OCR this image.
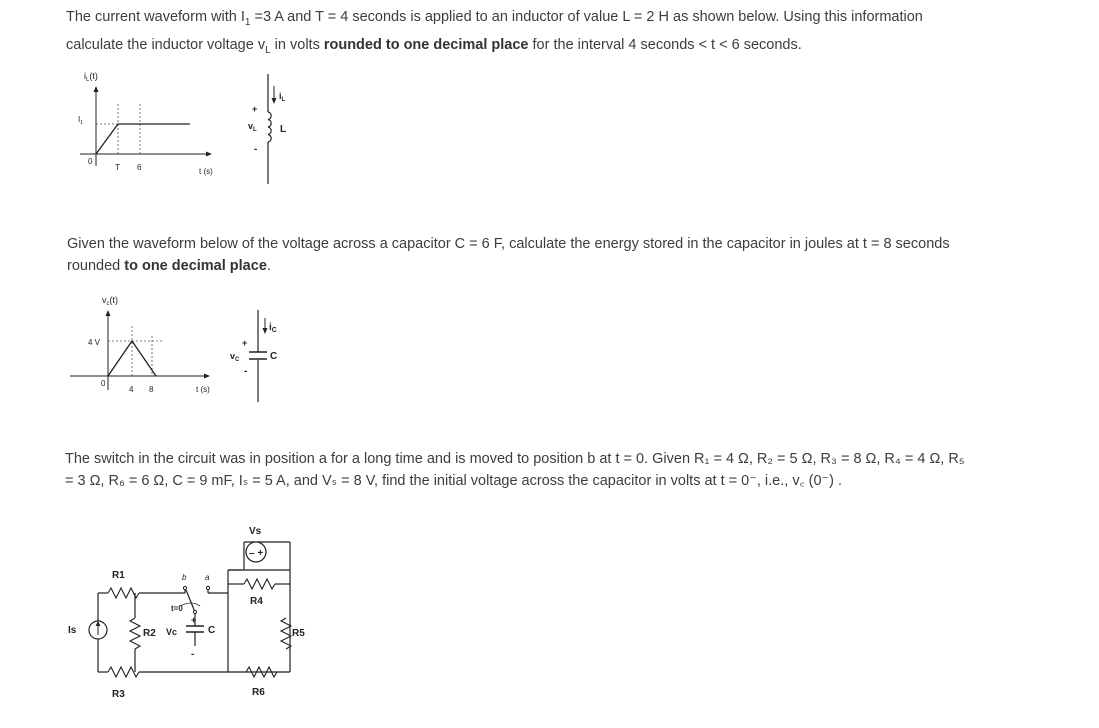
The current waveform with $I_1 =3$ A and T = 4 seconds is applied to an inductor of value L = 2 H as shown below. Using this information calculate the inductor voltage $v_L$ in volts rounded to one decimal place for the interval 4 seconds < t < 6 seconds.
$i_L(t)$
$I_1$
0
T 6	t (s)
$i_L$
+
$v_L$
-
L
Given the waveform below of the voltage across a capacitor C = 6 F, calculate the energy stored in the capacitor in joules at t = 8 seconds rounded to one decimal place.
$v_c(t)$
4 V
0
4 8	t (s)
$i_C$
+
$v_C$
-
C
The switch in the circuit was in position a for a long time and is moved to position b at t = 0. Given R₁ = 4 Ω, R₂ = 5 Ω, R₃ = 8 Ω, R₄ = 4 Ω, R₅
= 3 Ω, R₆ = 6 Ω, C = 9 mF, Iₛ = 5 A, and Vₛ = 8 V, find the initial voltage across the capacitor in volts at t = 0⁻, i.e., v꜀ (0⁻) .
– +
Vs
R1
R2
R3
R4
R5
R6
Is	Vc	C
a
b
t=0
+
-
